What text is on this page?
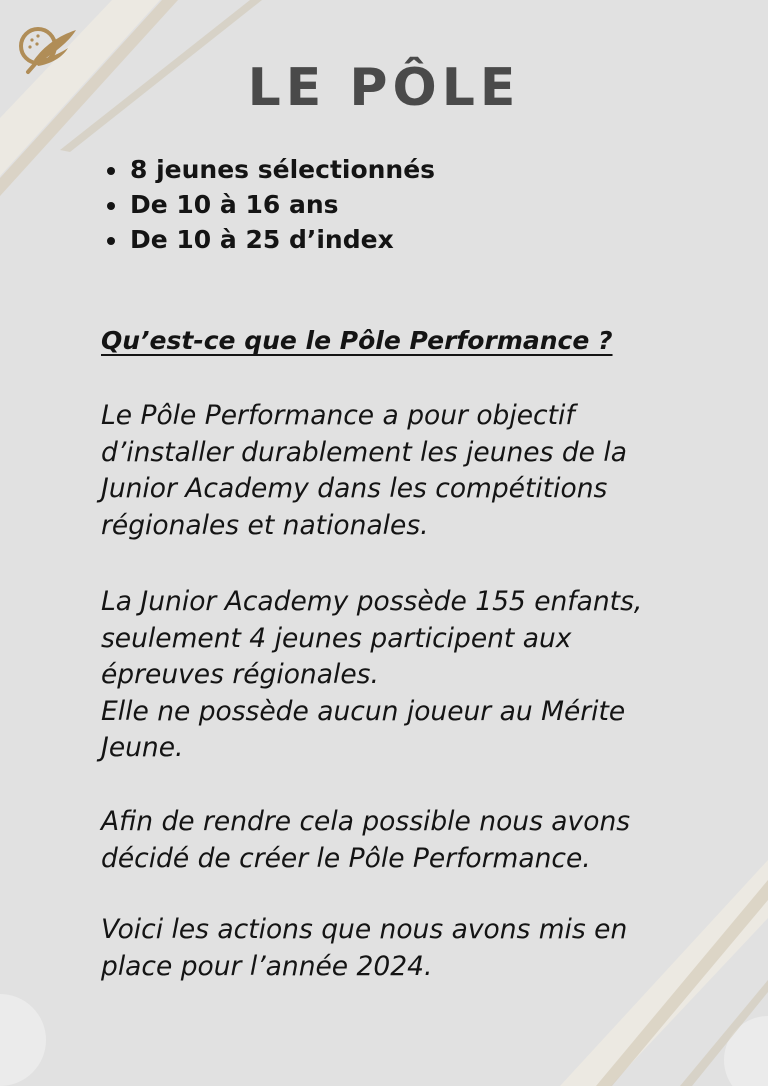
LE PÔLE
8 jeunes sélectionnés
De 10 à 16 ans
De 10 à 25 d’index
Qu’est-ce que le Pôle Performance ?

Le Pôle Performance a pour objectif
d’installer durablement les jeunes de la
Junior Academy dans les compétitions
régionales et nationales.

La Junior Academy possède 155 enfants,
seulement 4 jeunes participent aux
épreuves régionales.
Elle ne possède aucun joueur au Mérite
Jeune.

Afin de rendre cela possible nous avons
décidé de créer le Pôle Performance.

Voici les actions que nous avons mis en
place pour l’année 2024.
